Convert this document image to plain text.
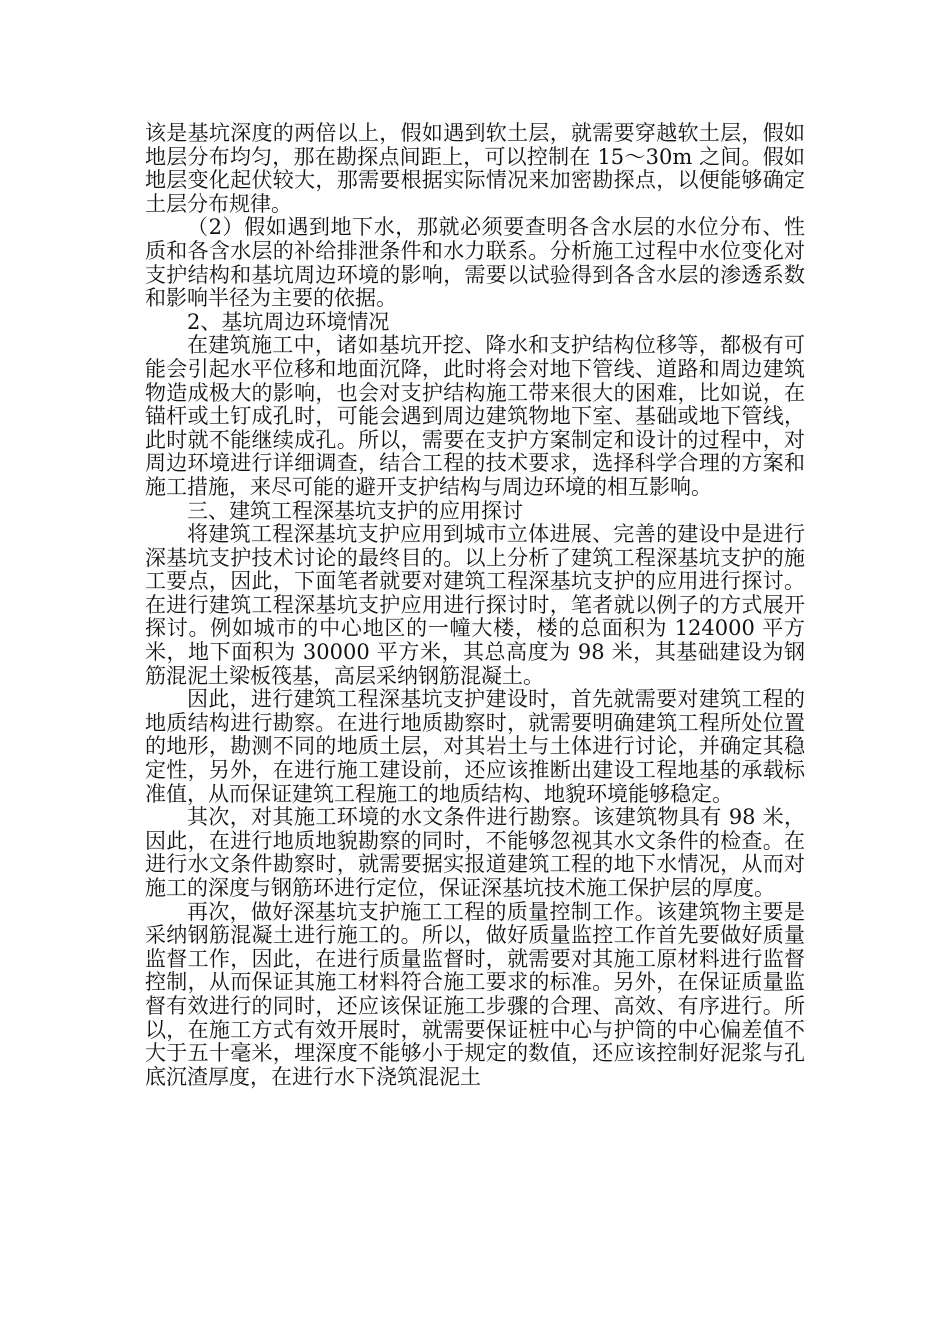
该是基坑深度的两倍以上，假如遇到软土层，就需要穿越软土层，假如地层分布均匀，那在勘探点间距上，可以控制在 15～30m 之间。假如地层变化起伏较大，那需要根据实际情况来加密勘探点，以便能够确定土层分布规律。

（2）假如遇到地下水，那就必须要查明各含水层的水位分布、性质和各含水层的补给排泄条件和水力联系。分析施工过程中水位变化对支护结构和基坑周边环境的影响，需要以试验得到各含水层的渗透系数和影响半径为主要的依据。

2、基坑周边环境情况

在建筑施工中，诸如基坑开挖、降水和支护结构位移等，都极有可能会引起水平位移和地面沉降，此时将会对地下管线、道路和周边建筑物造成极大的影响，也会对支护结构施工带来很大的困难，比如说，在锚杆或土钉成孔时，可能会遇到周边建筑物地下室、基础或地下管线，此时就不能继续成孔。所以，需要在支护方案制定和设计的过程中，对周边环境进行详细调查，结合工程的技术要求，选择科学合理的方案和施工措施，来尽可能的避开支护结构与周边环境的相互影响。

三、建筑工程深基坑支护的应用探讨

将建筑工程深基坑支护应用到城市立体进展、完善的建设中是进行深基坑支护技术讨论的最终目的。以上分析了建筑工程深基坑支护的施工要点，因此，下面笔者就要对建筑工程深基坑支护的应用进行探讨。在进行建筑工程深基坑支护应用进行探讨时，笔者就以例子的方式展开探讨。例如城市的中心地区的一幢大楼，楼的总面积为 124000 平方米，地下面积为 30000 平方米，其总高度为 98 米，其基础建设为钢筋混泥土梁板筏基，高层采纳钢筋混凝土。

因此，进行建筑工程深基坑支护建设时，首先就需要对建筑工程的地质结构进行勘察。在进行地质勘察时，就需要明确建筑工程所处位置的地形，勘测不同的地质土层，对其岩土与土体进行讨论，并确定其稳定性，另外，在进行施工建设前，还应该推断出建设工程地基的承载标准值，从而保证建筑工程施工的地质结构、地貌环境能够稳定。

其次，对其施工环境的水文条件进行勘察。该建筑物具有 98 米，因此，在进行地质地貌勘察的同时，不能够忽视其水文条件的检查。在进行水文条件勘察时，就需要据实报道建筑工程的地下水情况，从而对施工的深度与钢筋环进行定位，保证深基坑技术施工保护层的厚度。

再次，做好深基坑支护施工工程的质量控制工作。该建筑物主要是采纳钢筋混凝土进行施工的。所以，做好质量监控工作首先要做好质量监督工作，因此，在进行质量监督时，就需要对其施工原材料进行监督控制，从而保证其施工材料符合施工要求的标准。另外，在保证质量监督有效进行的同时，还应该保证施工步骤的合理、高效、有序进行。所以，在施工方式有效开展时，就需要保证桩中心与护筒的中心偏差值不大于五十毫米，埋深度不能够小于规定的数值，还应该控制好泥浆与孔底沉渣厚度，在进行水下浇筑混泥土
